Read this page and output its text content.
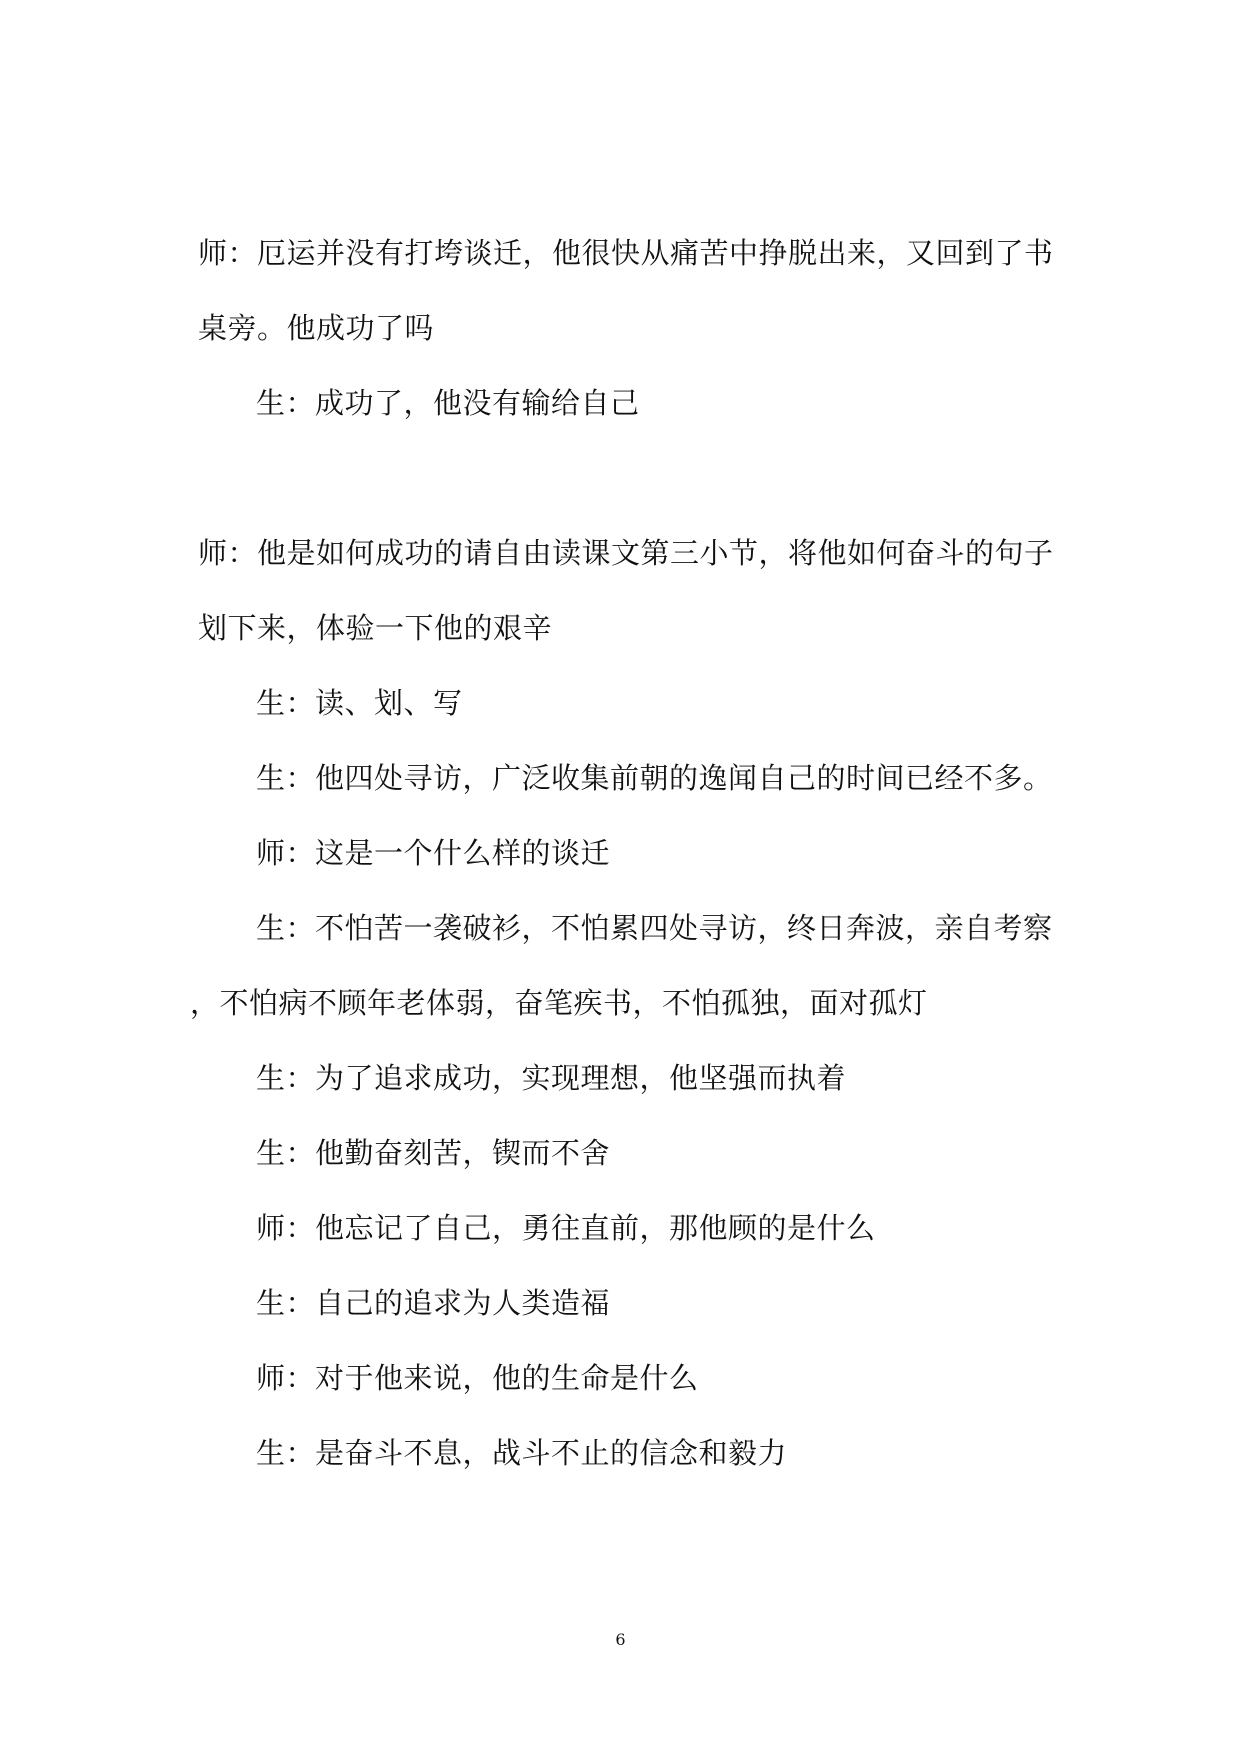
师：厄运并没有打垮谈迁，他很快从痛苦中挣脱出来，又回到了书
桌旁。他成功了吗
生：成功了，他没有输给自己
师：他是如何成功的请自由读课文第三小节，将他如何奋斗的句子
划下来，体验一下他的艰辛
生：读、划、写
生：他四处寻访，广泛收集前朝的逸闻自己的时间已经不多。
师：这是一个什么样的谈迁
生：不怕苦一袭破衫，不怕累四处寻访，终日奔波，亲自考察
，不怕病不顾年老体弱，奋笔疾书，不怕孤独，面对孤灯
生：为了追求成功，实现理想，他坚强而执着
生：他勤奋刻苦，锲而不舍
师：他忘记了自己，勇往直前，那他顾的是什么
生：自己的追求为人类造福
师：对于他来说，他的生命是什么
生：是奋斗不息，战斗不止的信念和毅力
6
